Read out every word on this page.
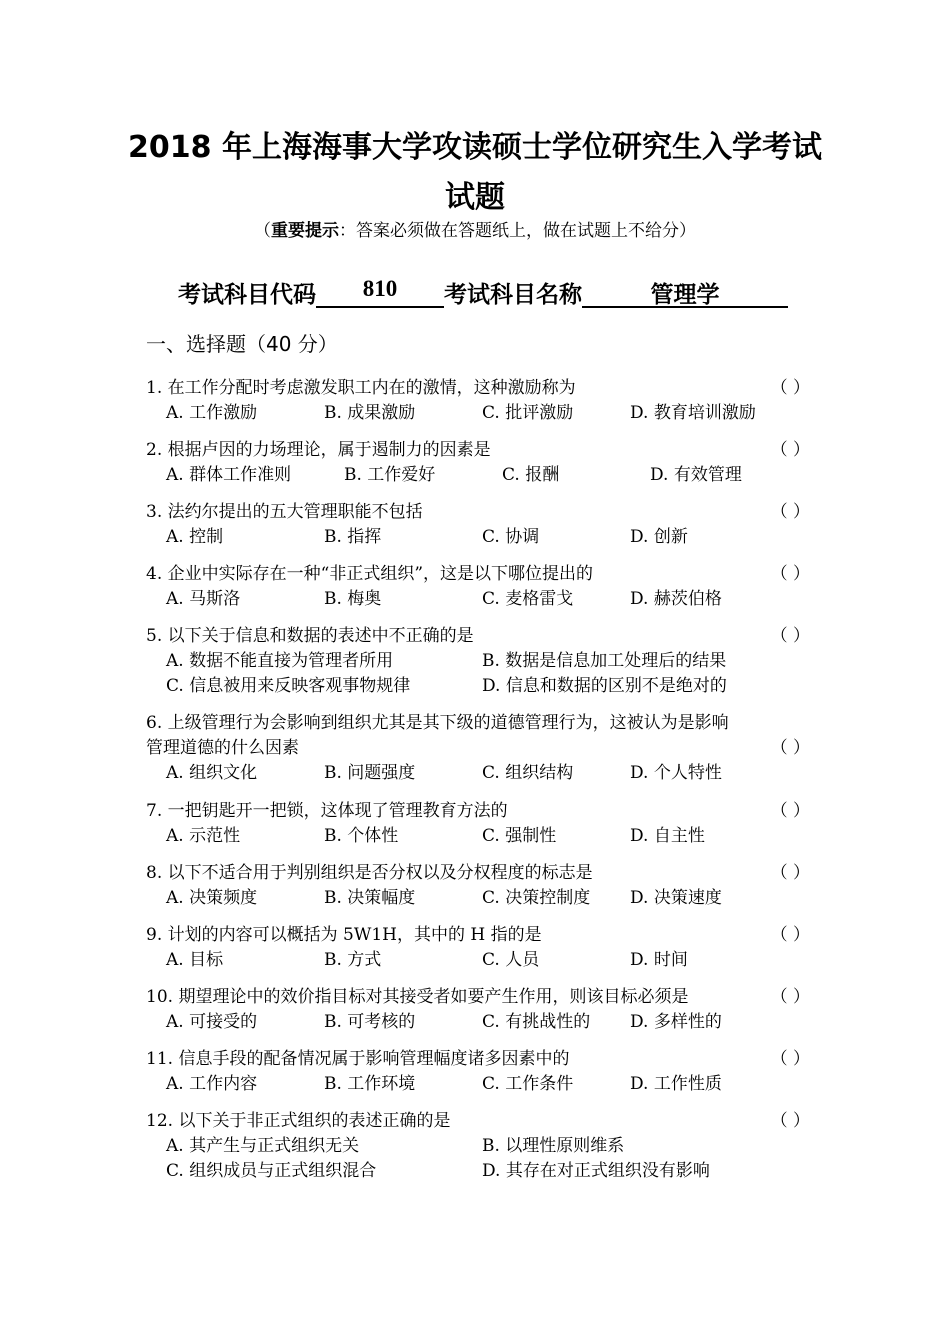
2018 年上海海事大学攻读硕士学位研究生入学考试
试题
（重要提示：答案必须做在答题纸上，做在试题上不给分）
考试科目代码	810	考试科目名称	管理学
一、选择题（40 分）
1. 在工作分配时考虑激发职工内在的激情，这种激励称为	（ ）
A. 工作激励	B. 成果激励	C. 批评激励	D. 教育培训激励
2. 根据卢因的力场理论，属于遏制力的因素是	（ ）
A. 群体工作准则	B. 工作爱好	C. 报酬	D. 有效管理
3. 法约尔提出的五大管理职能不包括	（ ）
A. 控制	B. 指挥	C. 协调	D. 创新
4. 企业中实际存在一种“非正式组织”，这是以下哪位提出的	（ ）
A. 马斯洛	B. 梅奥	C. 麦格雷戈	D. 赫茨伯格
5. 以下关于信息和数据的表述中不正确的是	（ ）
A. 数据不能直接为管理者所用	B. 数据是信息加工处理后的结果
C. 信息被用来反映客观事物规律	D. 信息和数据的区别不是绝对的
6. 上级管理行为会影响到组织尤其是其下级的道德管理行为，这被认为是影响
管理道德的什么因素	（ ）
A. 组织文化	B. 问题强度	C. 组织结构	D. 个人特性
7. 一把钥匙开一把锁，这体现了管理教育方法的	（ ）
A. 示范性	B. 个体性	C. 强制性	D. 自主性
8. 以下不适合用于判别组织是否分权以及分权程度的标志是	（ ）
A. 决策频度	B. 决策幅度	C. 决策控制度 D. 决策速度
9. 计划的内容可以概括为 5W1H，其中的 H 指的是	（ ）
A. 目标	B. 方式	C. 人员	D. 时间
10. 期望理论中的效价指目标对其接受者如要产生作用，则该目标必须是	（ ）
A. 可接受的	B. 可考核的	C. 有挑战性的 D. 多样性的
11. 信息手段的配备情况属于影响管理幅度诸多因素中的	（ ）
A. 工作内容	B. 工作环境	C. 工作条件	D. 工作性质
12. 以下关于非正式组织的表述正确的是	（ ）
A. 其产生与正式组织无关	B. 以理性原则维系
C. 组织成员与正式组织混合	D. 其存在对正式组织没有影响
